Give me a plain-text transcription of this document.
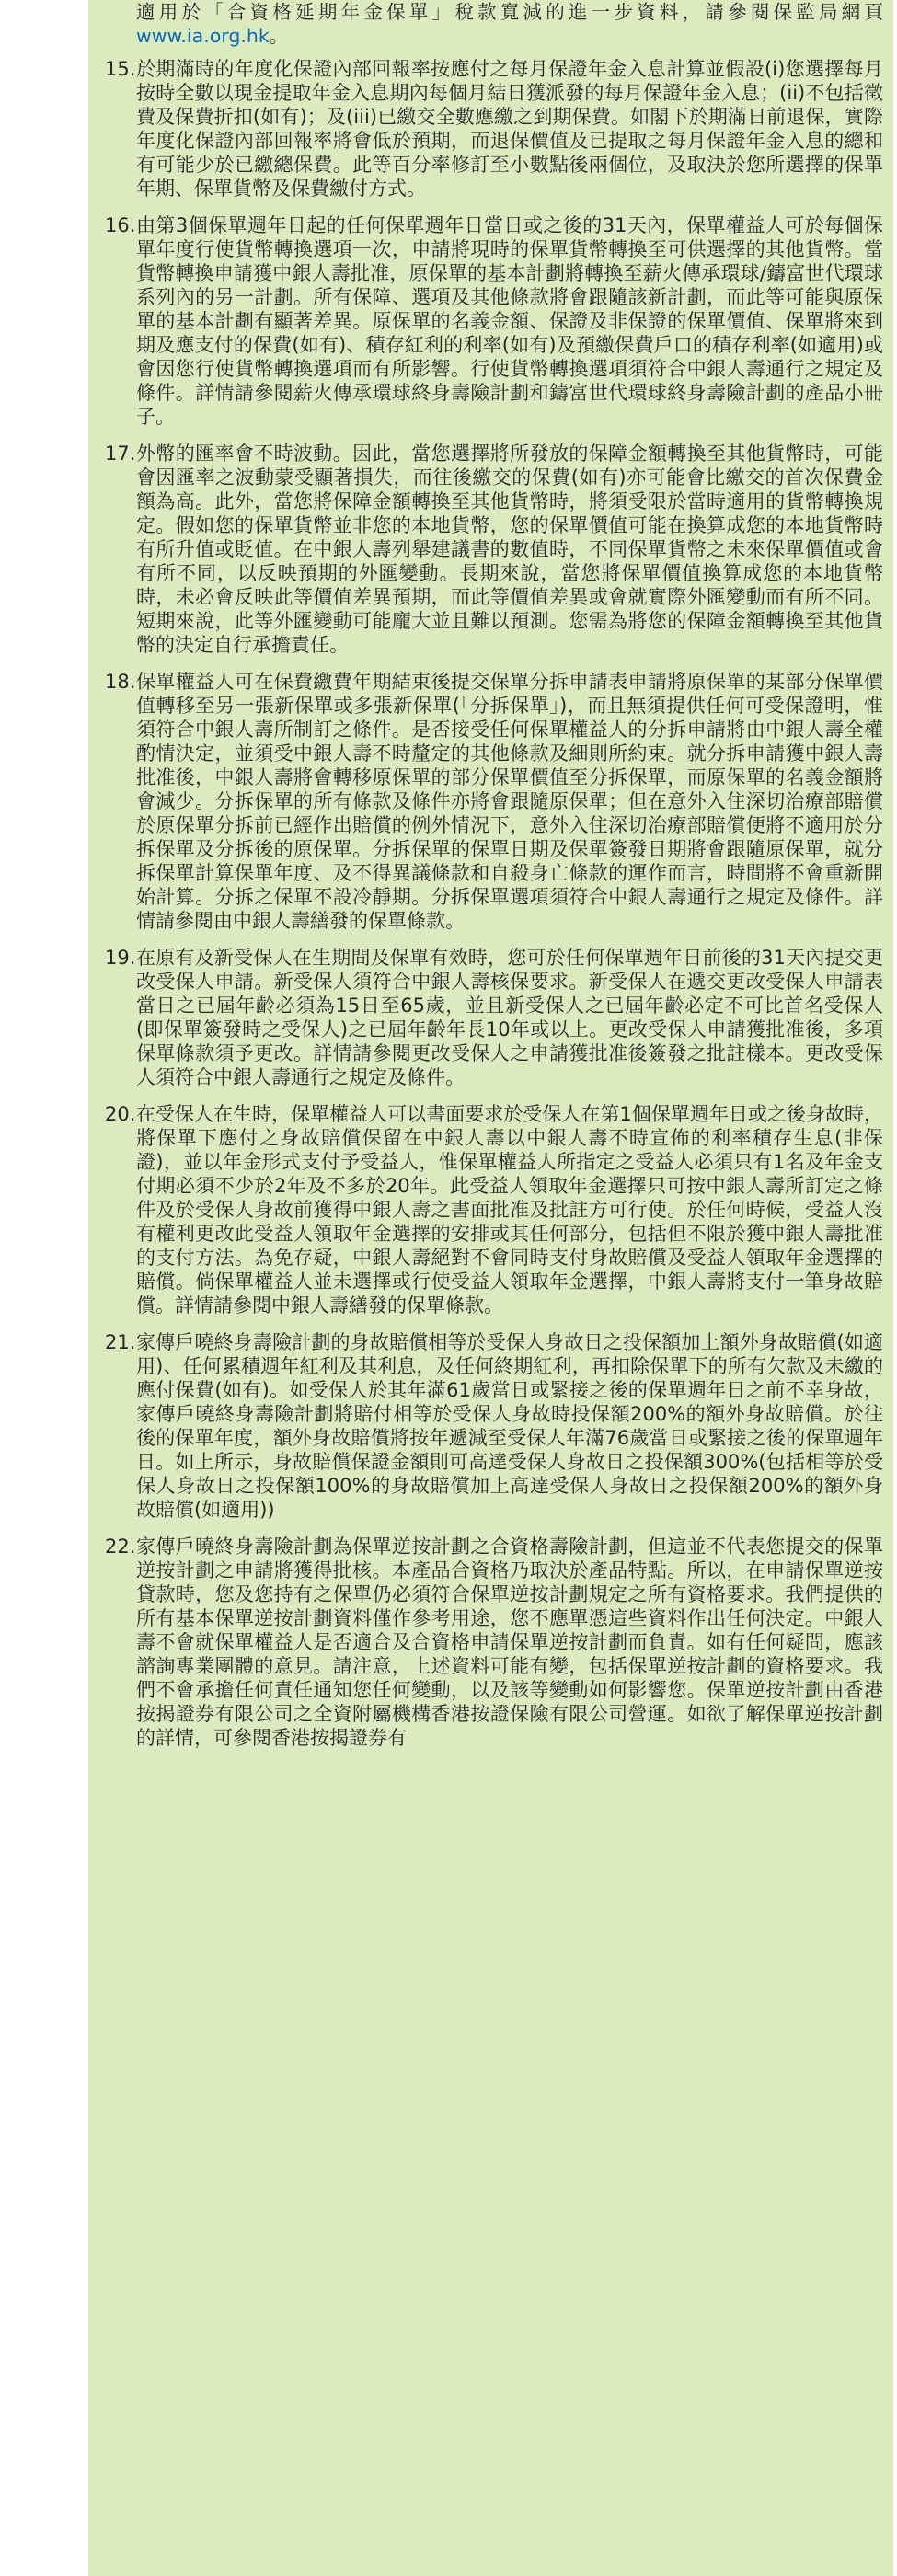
適用於「合資格延期年金保單」稅款寬減的進一步資料，請參閱保監局網頁www.ia.org.hk。

15. 於期滿時的年度化保證內部回報率按應付之每月保證年金入息計算並假設(i)您選擇每月按時全數以現金提取年金入息期內每個月結日獲派發的每月保證年金入息；(ii)不包括徵費及保費折扣(如有)；及(iii)已繳交全數應繳之到期保費。如閣下於期滿日前退保，實際年度化保證內部回報率將會低於預期，而退保價值及已提取之每月保證年金入息的總和有可能少於已繳總保費。此等百分率修訂至小數點後兩個位，及取決於您所選擇的保單年期、保單貨幣及保費繳付方式。
16. 由第3個保單週年日起的任何保單週年日當日或之後的31天內，保單權益人可於每個保單年度行使貨幣轉換選項一次，申請將現時的保單貨幣轉換至可供選擇的其他貨幣。當貨幣轉換申請獲中銀人壽批准，原保單的基本計劃將轉換至薪火傳承環球/鑄富世代環球系列內的另一計劃。所有保障、選項及其他條款將會跟隨該新計劃，而此等可能與原保單的基本計劃有顯著差異。原保單的名義金額、保證及非保證的保單價值、保單將來到期及應支付的保費(如有)、積存紅利的利率(如有)及預繳保費戶口的積存利率(如適用)或會因您行使貨幣轉換選項而有所影響。行使貨幣轉換選項須符合中銀人壽通行之規定及條件。詳情請參閱薪火傳承環球終身壽險計劃和鑄富世代環球終身壽險計劃的產品小冊子。
17. 外幣的匯率會不時波動。因此，當您選擇將所發放的保障金額轉換至其他貨幣時，可能會因匯率之波動蒙受顯著損失，而往後繳交的保費(如有)亦可能會比繳交的首次保費金額為高。此外，當您將保障金額轉換至其他貨幣時，將須受限於當時適用的貨幣轉換規定。假如您的保單貨幣並非您的本地貨幣，您的保單價值可能在換算成您的本地貨幣時有所升值或貶值。在中銀人壽列舉建議書的數值時，不同保單貨幣之未來保單價值或會有所不同，以反映預期的外匯變動。長期來說，當您將保單價值換算成您的本地貨幣時，未必會反映此等價值差異預期，而此等價值差異或會就實際外匯變動而有所不同。短期來說，此等外匯變動可能龐大並且難以預測。您需為將您的保障金額轉換至其他貨幣的決定自行承擔責任。
18. 保單權益人可在保費繳費年期結束後提交保單分拆申請表申請將原保單的某部分保單價值轉移至另一張新保單或多張新保單(「分拆保單」)，而且無須提供任何可受保證明，惟須符合中銀人壽所制訂之條件。是否接受任何保單權益人的分拆申請將由中銀人壽全權酌情決定，並須受中銀人壽不時釐定的其他條款及細則所約束。就分拆申請獲中銀人壽批准後，中銀人壽將會轉移原保單的部分保單價值至分拆保單，而原保單的名義金額將會減少。分拆保單的所有條款及條件亦將會跟隨原保單；但在意外入住深切治療部賠償於原保單分拆前已經作出賠償的例外情況下，意外入住深切治療部賠償便將不適用於分拆保單及分拆後的原保單。分拆保單的保單日期及保單簽發日期將會跟隨原保單，就分拆保單計算保單年度、及不得異議條款和自殺身亡條款的運作而言，時間將不會重新開始計算。分拆之保單不設冷靜期。分拆保單選項須符合中銀人壽通行之規定及條件。詳情請參閱由中銀人壽繕發的保單條款。
19. 在原有及新受保人在生期間及保單有效時，您可於任何保單週年日前後的31天內提交更改受保人申請。新受保人須符合中銀人壽核保要求。新受保人在遞交更改受保人申請表當日之已屆年齡必須為15日至65歲，並且新受保人之已屆年齡必定不可比首名受保人(即保單簽發時之受保人)之已屆年齡年長10年或以上。更改受保人申請獲批准後，多項保單條款須予更改。詳情請參閱更改受保人之申請獲批准後簽發之批註樣本。更改受保人須符合中銀人壽通行之規定及條件。
20. 在受保人在生時，保單權益人可以書面要求於受保人在第1個保單週年日或之後身故時，將保單下應付之身故賠償保留在中銀人壽以中銀人壽不時宣佈的利率積存生息(非保證)，並以年金形式支付予受益人，惟保單權益人所指定之受益人必須只有1名及年金支付期必須不少於2年及不多於20年。此受益人領取年金選擇只可按中銀人壽所訂定之條件及於受保人身故前獲得中銀人壽之書面批准及批註方可行使。於任何時候，受益人沒有權利更改此受益人領取年金選擇的安排或其任何部分，包括但不限於獲中銀人壽批准的支付方法。為免存疑，中銀人壽絕對不會同時支付身故賠償及受益人領取年金選擇的賠償。倘保單權益人並未選擇或行使受益人領取年金選擇，中銀人壽將支付一筆身故賠償。詳情請參閱中銀人壽繕發的保單條款。
21. 家傳戶曉終身壽險計劃的身故賠償相等於受保人身故日之投保額加上額外身故賠償(如適用)、任何累積週年紅利及其利息，及任何終期紅利，再扣除保單下的所有欠款及未繳的應付保費(如有)。如受保人於其年滿61歲當日或緊接之後的保單週年日之前不幸身故，家傳戶曉終身壽險計劃將賠付相等於受保人身故時投保額200%的額外身故賠償。於往後的保單年度，額外身故賠償將按年遞減至受保人年滿76歲當日或緊接之後的保單週年日。如上所示，身故賠償保證金額則可高達受保人身故日之投保額300%(包括相等於受保人身故日之投保額100%的身故賠償加上高達受保人身故日之投保額200%的額外身故賠償(如適用))
22. 家傳戶曉終身壽險計劃為保單逆按計劃之合資格壽險計劃，但這並不代表您提交的保單逆按計劃之申請將獲得批核。本產品合資格乃取決於產品特點。所以，在申請保單逆按貸款時，您及您持有之保單仍必須符合保單逆按計劃規定之所有資格要求。我們提供的所有基本保單逆按計劃資料僅作參考用途，您不應單憑這些資料作出任何決定。中銀人壽不會就保單權益人是否適合及合資格申請保單逆按計劃而負責。如有任何疑問，應該諮詢專業團體的意見。請注意，上述資料可能有變，包括保單逆按計劃的資格要求。我們不會承擔任何責任通知您任何變動，以及該等變動如何影響您。保單逆按計劃由香港按揭證券有限公司之全資附屬機構香港按證保險有限公司營運。如欲了解保單逆按計劃的詳情，可參閱香港按揭證券有
